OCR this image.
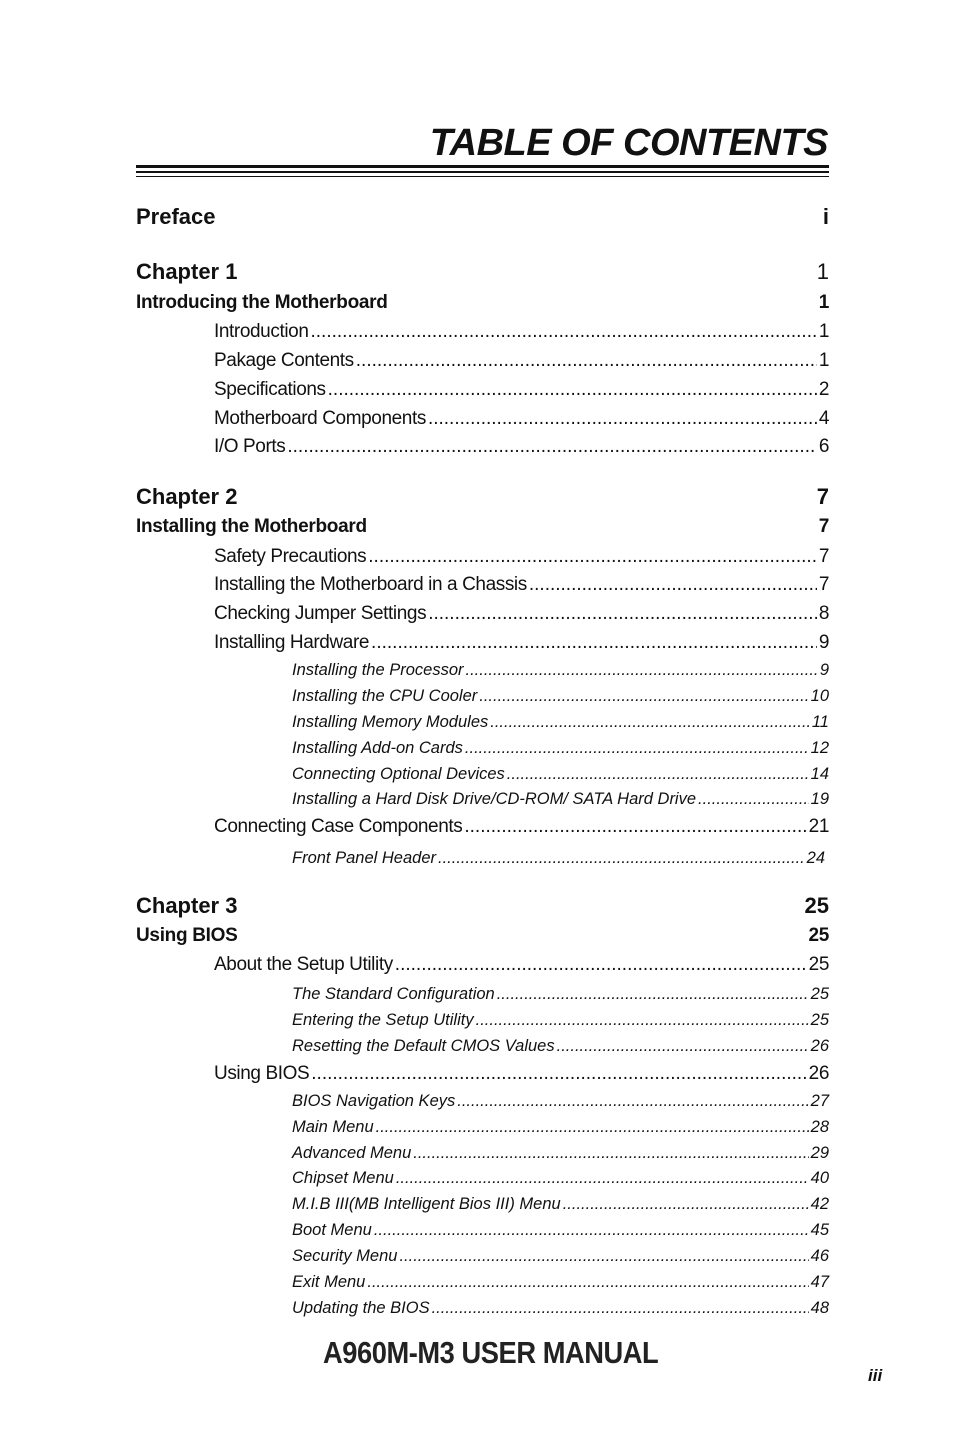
TABLE OF CONTENTS
Preface	i
Chapter 1	1
Introducing the Motherboard	1
Introduction .....	1
Pakage Contents .....	1
Specifications .....	2
Motherboard Components .....	4
I/O Ports .....	6
Chapter 2	7
Installing the Motherboard	7
Safety Precautions .....	7
Installing the Motherboard in a Chassis .....	7
Checking Jumper Settings .....	8
Installing Hardware .....	9
Installing the Processor .....	9
Installing the CPU Cooler .....	10
Installing Memory Modules .....	11
Installing Add-on Cards .....	12
Connecting Optional Devices .....	14
Installing a Hard Disk Drive/CD-ROM/ SATA Hard Drive .....	19
Connecting Case Components .....	21
Front Panel Header .....	24
Chapter 3	25
Using BIOS	25
About the Setup Utility .....	25
The Standard Configuration .....	25
Entering the Setup Utility .....	25
Resetting the Default CMOS Values .....	26
Using BIOS .....	26
BIOS Navigation Keys .....	27
Main Menu .....	28
Advanced Menu .....	29
Chipset Menu .....	40
M.I.B III(MB Intelligent Bios III) Menu .....	42
Boot Menu .....	45
Security Menu .....	46
Exit Menu .....	47
Updating the BIOS .....	48
A960M-M3 USER MANUAL
iii
